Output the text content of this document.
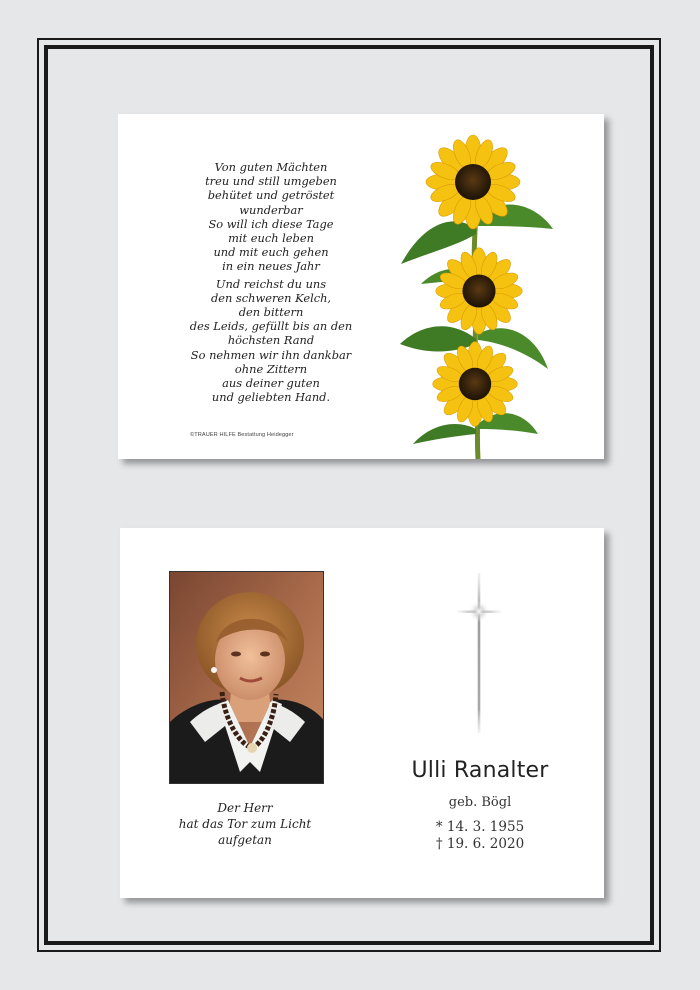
Von guten Mächten
treu und still umgeben
behütet und getröstet
wunderbar
So will ich diese Tage
mit euch leben
und mit euch gehen
in ein neues Jahr
Und reichst du uns
den schweren Kelch,
den bittern
des Leids, gefüllt bis an den
höchsten Rand
So nehmen wir ihn dankbar
ohne Zittern
aus deiner guten
und geliebten Hand.
©TRAUER HILFE Bestattung Heidegger
Der Herr
hat das Tor zum Licht
aufgetan
Ulli Ranalter
geb. Bögl
* 14. 3. 1955
† 19. 6. 2020
